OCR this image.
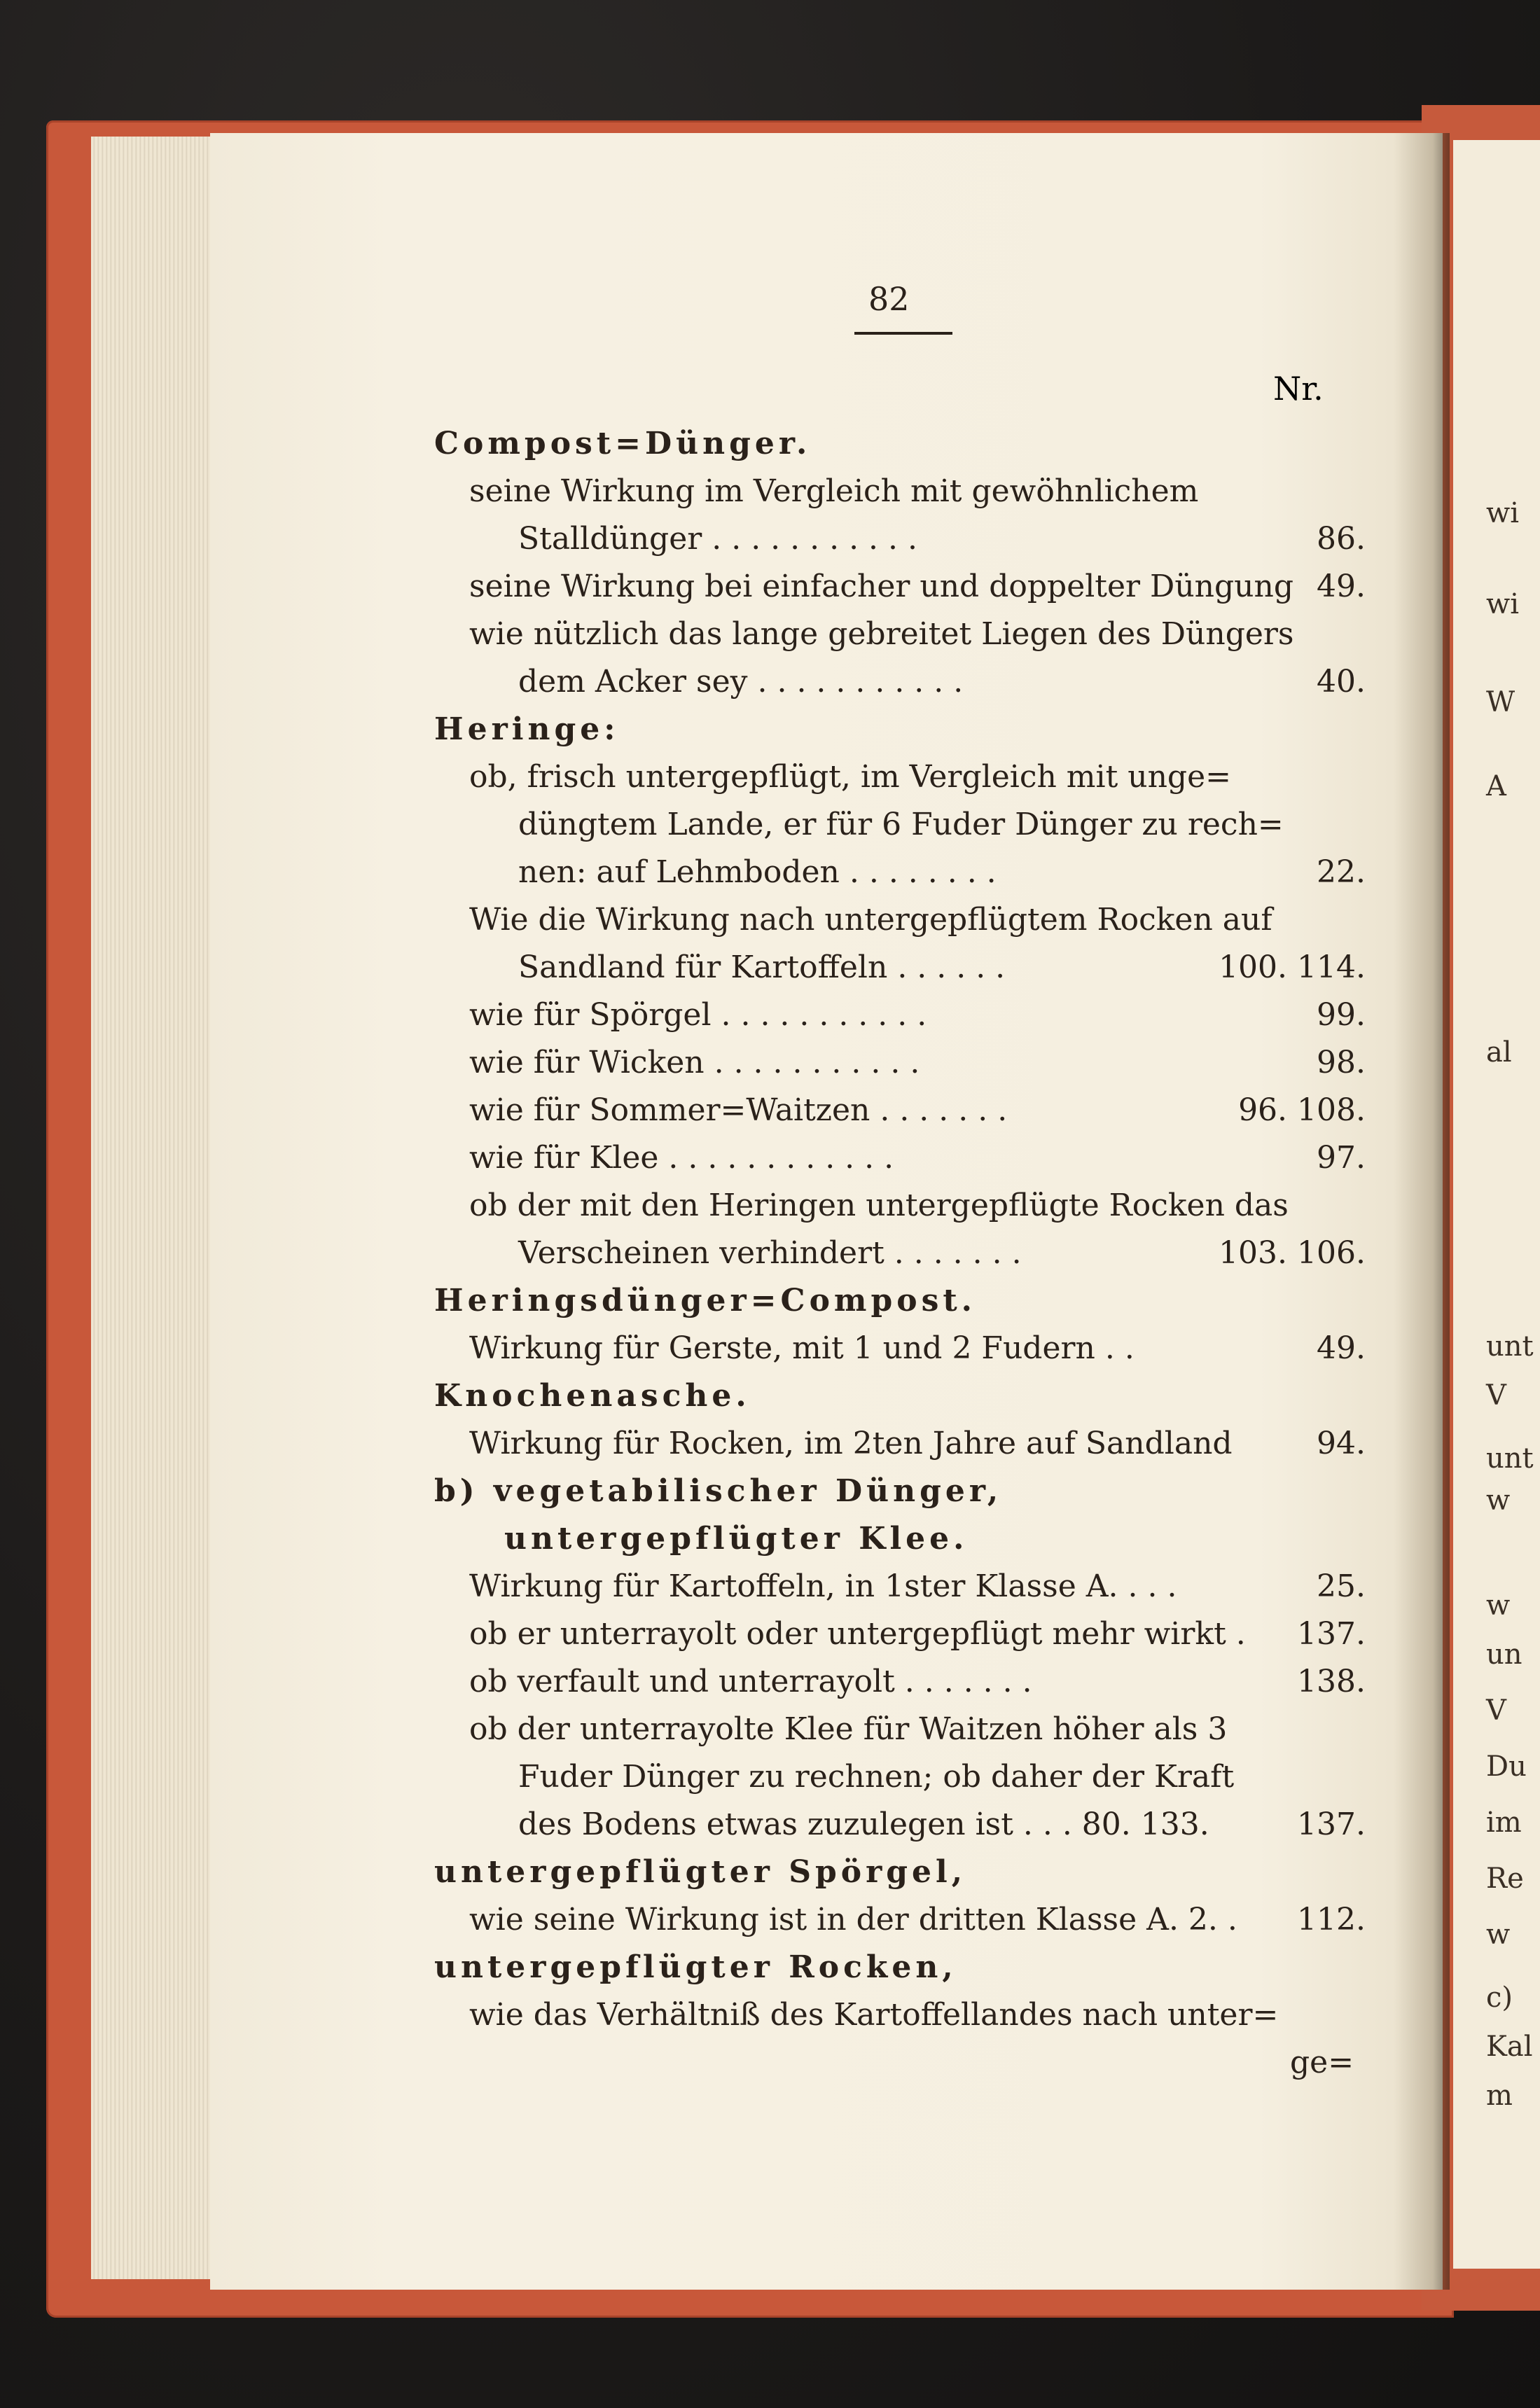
wi
wi
W
A
al
unt
V
unt
w
w
un
V
Du
im
Re
w
c)
Kal
m
82
Nr.
Compost=Dünger.
seine Wirkung im Vergleich mit gewöhnlichem
Stalldünger . . . . . . . . . . .	86.
seine Wirkung bei einfacher und doppelter Düngung 49.
wie nützlich das lange gebreitet Liegen des Düngers
dem Acker sey . . . . . . . . . . .	40.
Heringe:
ob, frisch untergepflügt, im Vergleich mit unge=
düngtem Lande, er für 6 Fuder Dünger zu rech=
nen: auf Lehmboden . . . . . . . .	22.
Wie die Wirkung nach untergepflügtem Rocken auf
Sandland für Kartoffeln . . . . . .	100. 114.
wie für Spörgel . . . . . . . . . . .	99.
wie für Wicken . . . . . . . . . . .	98.
wie für Sommer=Waitzen . . . . . . .	96. 108.
wie für Klee . . . . . . . . . . . .	97.
ob der mit den Heringen untergepflügte Rocken das
Verscheinen verhindert . . . . . . .	103. 106.
Heringsdünger=Compost.
Wirkung für Gerste, mit 1 und 2 Fudern . .	49.
Knochenasche.
Wirkung für Rocken, im 2ten Jahre auf Sandland	94.
b) vegetabilischer Dünger,
untergepflügter Klee.
Wirkung für Kartoffeln, in 1ster Klasse A. . . .	25.
ob er unterrayolt oder untergepflügt mehr wirkt . 137.
ob verfault und unterrayolt . . . . . . .	138.
ob der unterrayolte Klee für Waitzen höher als 3
Fuder Dünger zu rechnen; ob daher der Kraft
des Bodens etwas zuzulegen ist . . . 80. 133.	137.
untergepflügter Spörgel,
wie seine Wirkung ist in der dritten Klasse A. 2. . 112.
untergepflügter Rocken,
wie das Verhältniß des Kartoffellandes nach unter=
ge=
